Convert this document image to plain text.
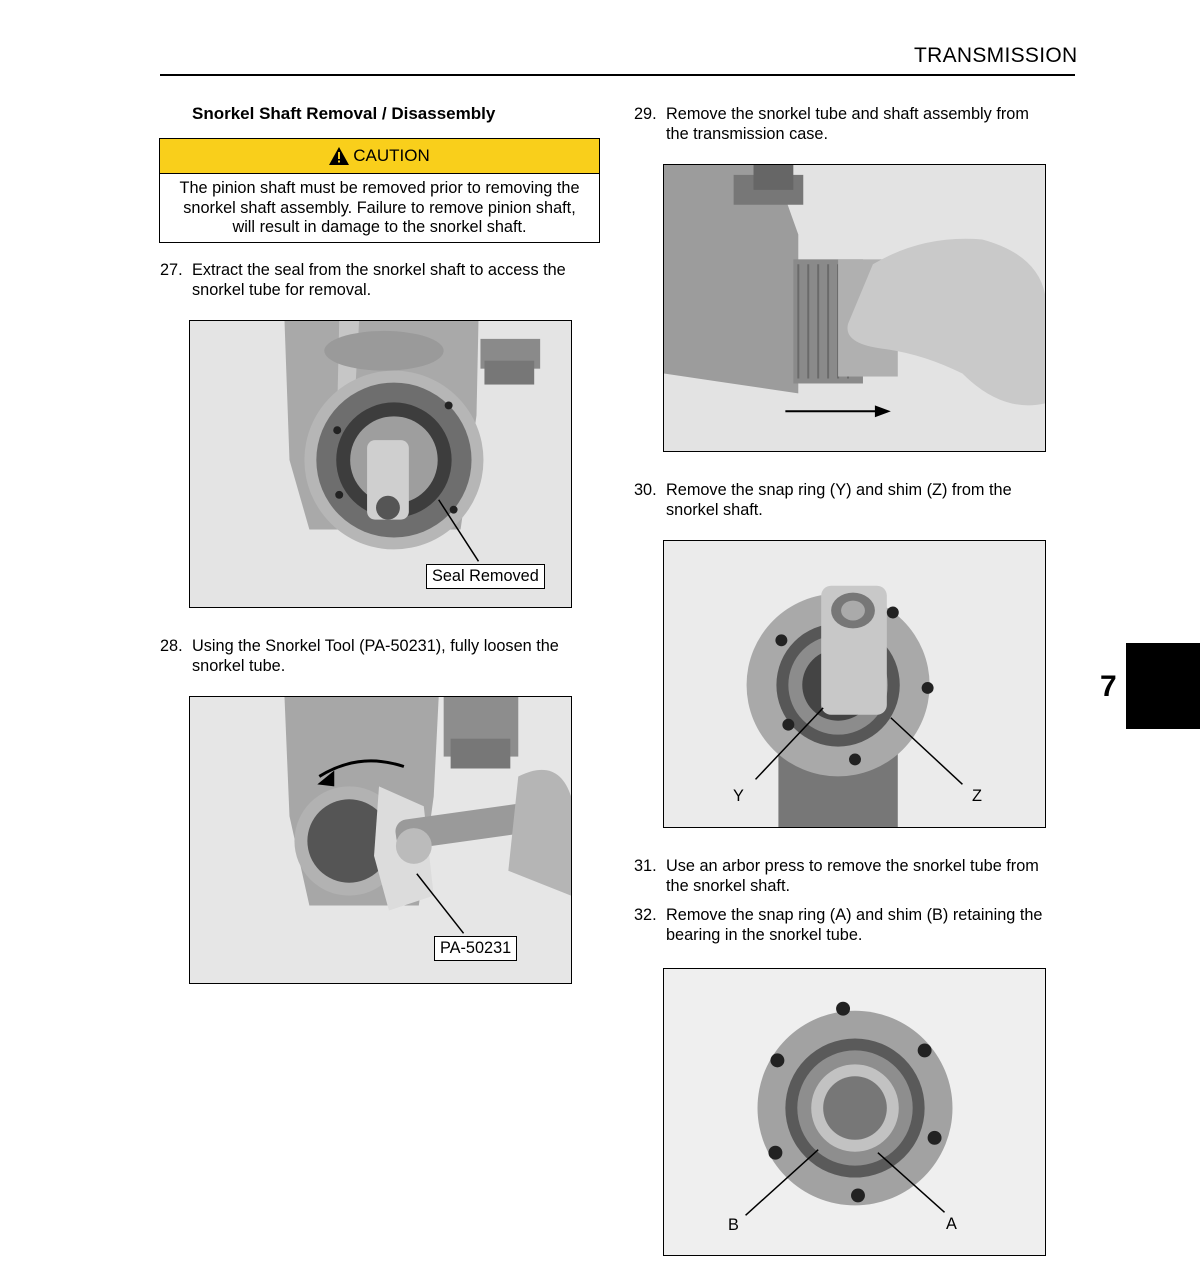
TRANSMISSION
Snorkel Shaft Removal / Disassembly
CAUTION
The pinion shaft must be removed prior to removing the
snorkel shaft assembly. Failure to remove pinion shaft,
will result in damage to the snorkel shaft.
27. Extract the seal from the snorkel shaft to access the
snorkel tube for removal.
Seal Removed
28. Using the Snorkel Tool (PA-50231), fully loosen the
snorkel tube.
PA-50231
29. Remove the snorkel tube and shaft assembly from
the transmission case.
30. Remove the snap ring (Y) and shim (Z) from the
snorkel shaft.
Y	Z
31. Use an arbor press to remove the snorkel tube from
the snorkel shaft.
32. Remove the snap ring (A) and shim (B) retaining the
bearing in the snorkel tube.
B	A
7
